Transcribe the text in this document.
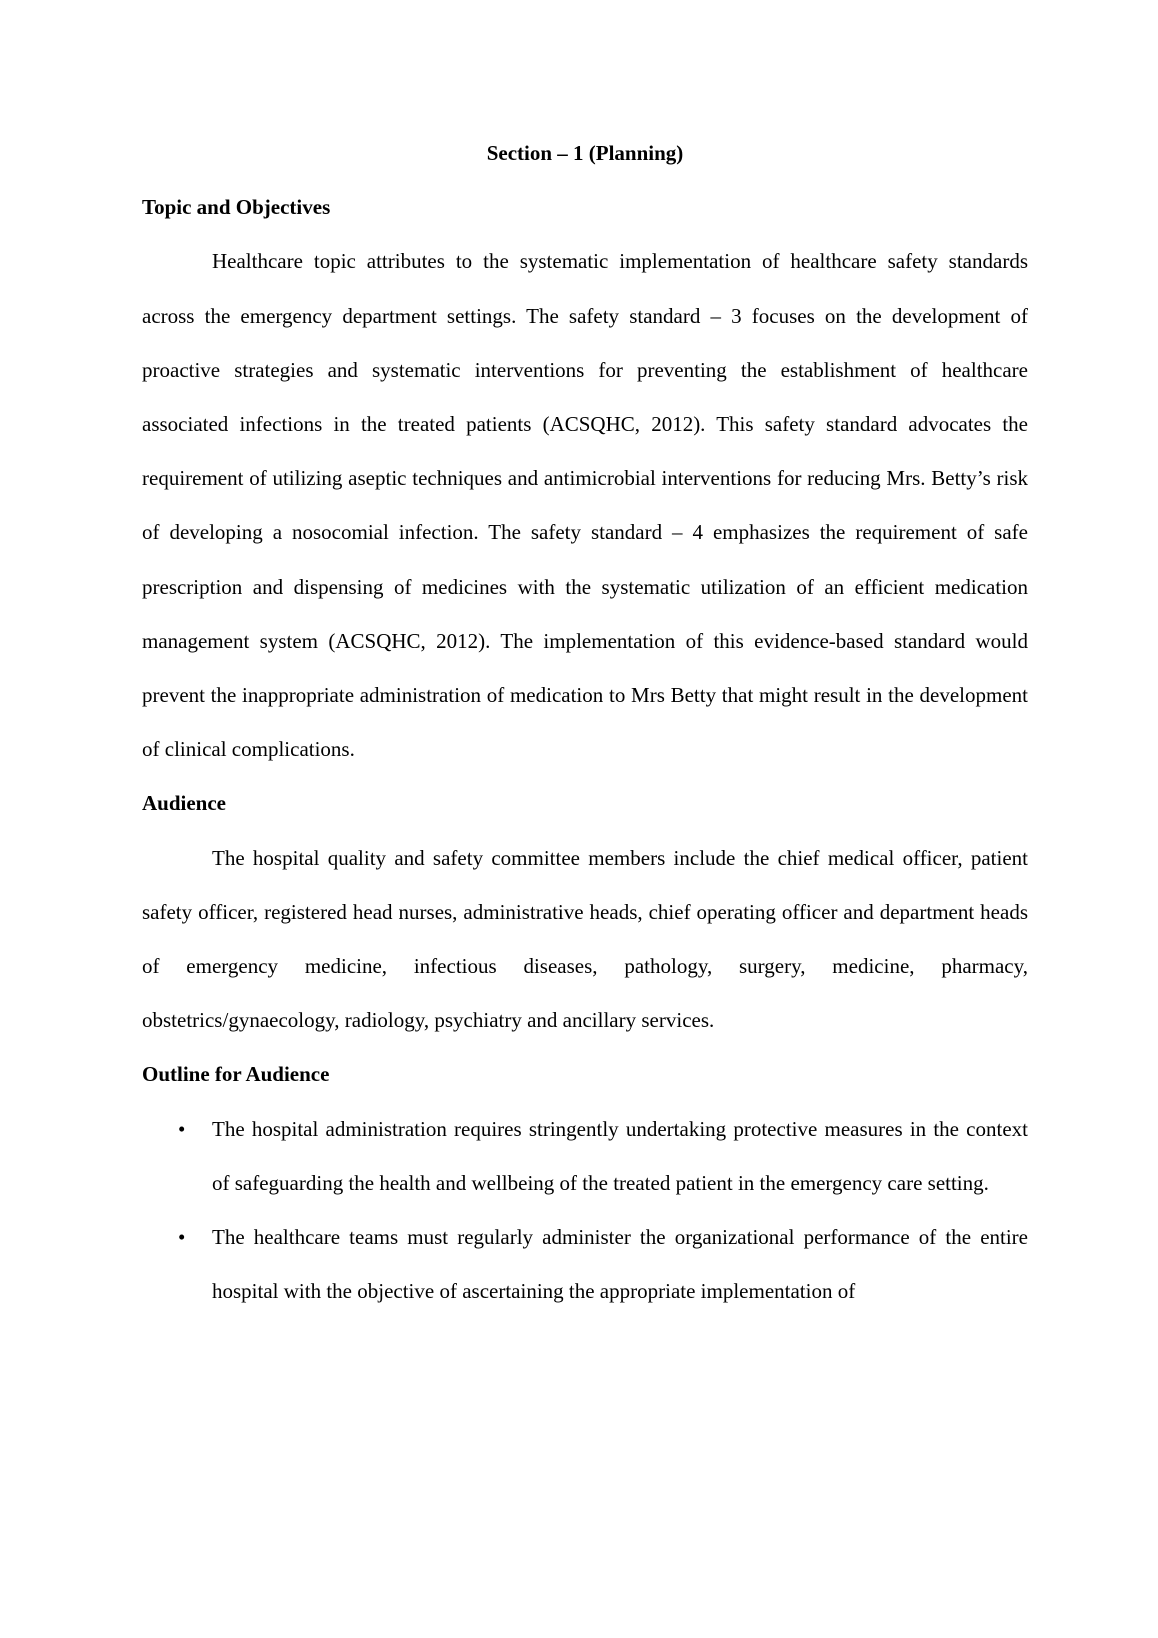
Section – 1 (Planning)

Topic and Objectives

Healthcare topic attributes to the systematic implementation of healthcare safety standards across the emergency department settings. The safety standard – 3 focuses on the development of proactive strategies and systematic interventions for preventing the establishment of healthcare associated infections in the treated patients (ACSQHC, 2012). This safety standard advocates the requirement of utilizing aseptic techniques and antimicrobial interventions for reducing Mrs. Betty’s risk of developing a nosocomial infection. The safety standard – 4 emphasizes the requirement of safe prescription and dispensing of medicines with the systematic utilization of an efficient medication management system (ACSQHC, 2012). The implementation of this evidence-based standard would prevent the inappropriate administration of medication to Mrs Betty that might result in the development of clinical complications.

Audience

The hospital quality and safety committee members include the chief medical officer, patient safety officer, registered head nurses, administrative heads, chief operating officer and department heads of emergency medicine, infectious diseases, pathology, surgery, medicine, pharmacy, obstetrics/gynaecology, radiology, psychiatry and ancillary services.

Outline for Audience

• The hospital administration requires stringently undertaking protective measures in the context of safeguarding the health and wellbeing of the treated patient in the emergency care setting.
• The healthcare teams must regularly administer the organizational performance of the entire hospital with the objective of ascertaining the appropriate implementation of
